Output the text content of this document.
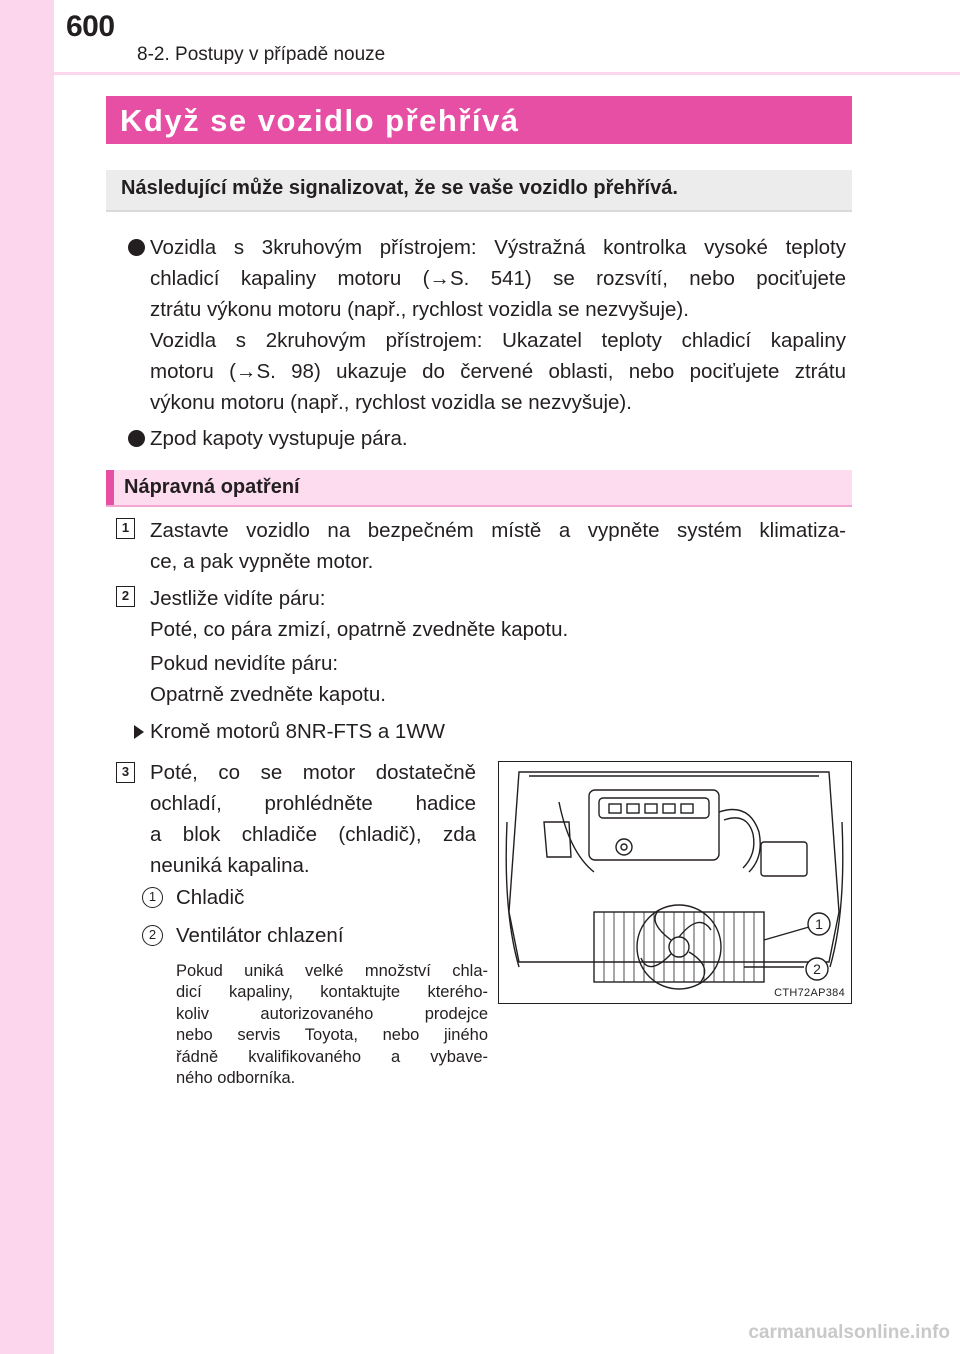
600
8-2. Postupy v případě nouze
Když se vozidlo přehřívá
Následující může signalizovat, že se vaše vozidlo přehřívá.
Vozidla s 3kruhovým přístrojem: Výstražná kontrolka vysoké teploty
chladicí kapaliny motoru (→S. 541) se rozsvítí, nebo pociťujete
ztrátu výkonu motoru (např., rychlost vozidla se nezvyšuje).
Vozidla s 2kruhovým přístrojem: Ukazatel teploty chladicí kapaliny
motoru (→S. 98) ukazuje do červené oblasti, nebo pociťujete ztrátu
výkonu motoru (např., rychlost vozidla se nezvyšuje).
Zpod kapoty vystupuje pára.
Nápravná opatření
1 Zastavte vozidlo na bezpečném místě a vypněte systém klimatiza-
ce, a pak vypněte motor.
2 Jestliže vidíte páru:
Poté, co pára zmizí, opatrně zvedněte kapotu.
Pokud nevidíte páru:
Opatrně zvedněte kapotu.
Kromě motorů 8NR-FTS a 1WW
3 Poté, co se motor dostatečně
ochladí, prohlédněte hadice
a blok chladiče (chladič), zda
neuniká kapalina.
1 Chladič
2 Ventilátor chlazení
Pokud uniká velké množství chla-
dicí kapaliny, kontaktujte kterého-
koliv autorizovaného prodejce
nebo servis Toyota, nebo jiného
řádně kvalifikovaného a vybave-
ného odborníka.
1
2
CTH72AP384
carmanualsonline.info
